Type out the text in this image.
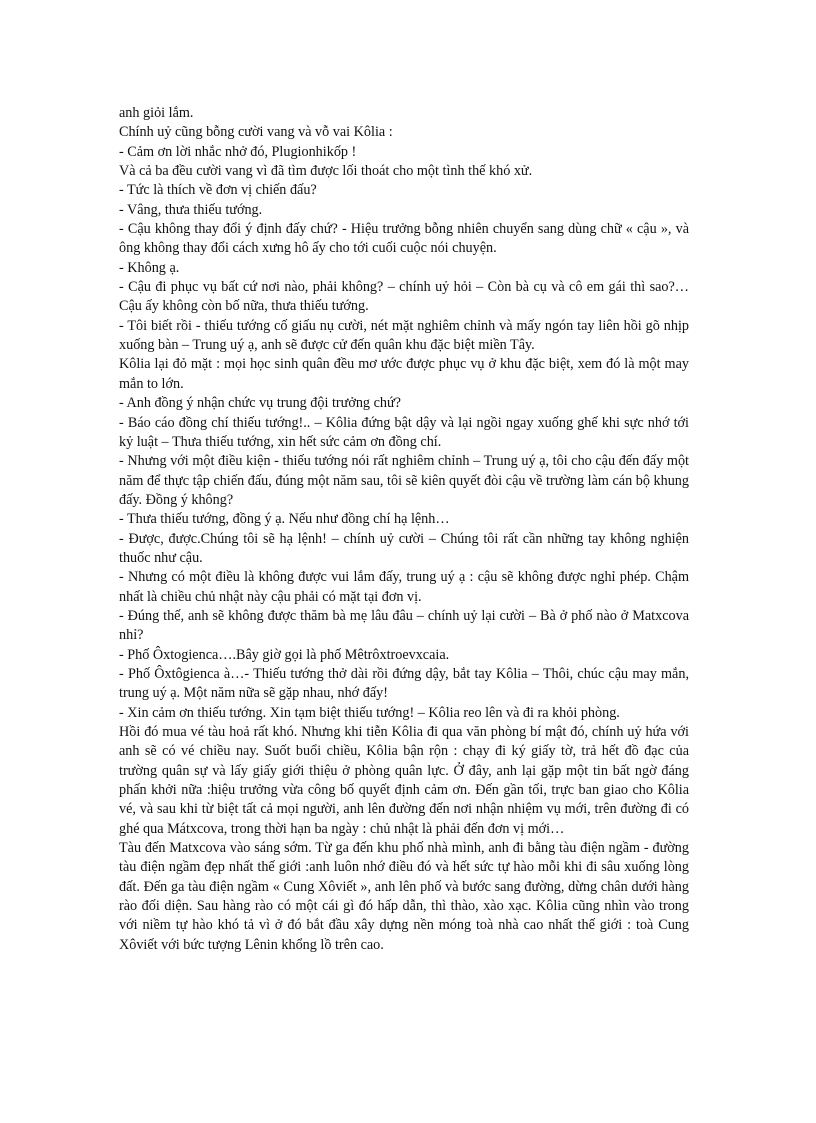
anh giỏi lắm.

Chính uỷ cũng bỗng cười vang và vỗ vai Kôlia :

- Cảm ơn lời nhắc nhở đó, Plugionhikốp !

Và cả ba đều cười vang vì đã tìm được lối thoát cho một tình thế khó xử.

- Tức là thích về đơn vị chiến đấu?

- Vâng, thưa thiếu tướng.

- Cậu không thay đổi ý định đấy chứ? - Hiệu trưởng bỗng nhiên chuyển sang dùng chữ « cậu », và ông không thay đổi cách xưng hô ấy cho tới cuối cuộc nói chuyện.

- Không ạ.

- Cậu đi phục vụ bất cứ nơi nào, phải không? – chính uỷ hỏi – Còn bà cụ và cô em gái thì sao?…Cậu ấy không còn bố nữa, thưa thiếu tướng.

- Tôi biết rồi - thiếu tướng cố giấu nụ cười, nét mặt nghiêm chỉnh và mấy ngón tay liên hồi gõ nhịp xuống bàn – Trung uý ạ, anh sẽ được cử đến quân khu đặc biệt miền Tây.

Kôlia lại đỏ mặt : mọi học sinh quân đều mơ ước được phục vụ ở khu đặc biệt, xem đó là một may mắn to lớn.

- Anh đồng ý nhận chức vụ trung đội trưởng chứ?

- Báo cáo đồng chí thiếu tướng!.. – Kôlia đứng bật dậy và lại ngồi ngay xuống ghế khi sực nhớ tới kỷ luật – Thưa thiếu tướng, xin hết sức cảm ơn đồng chí.

- Nhưng với một điều kiện - thiếu tướng nói rất nghiêm chỉnh – Trung uý ạ, tôi cho cậu đến đấy một năm để thực tập chiến đấu, đúng một năm sau, tôi sẽ kiên quyết đòi cậu về trường làm cán bộ khung đấy. Đồng ý không?

- Thưa thiếu tướng, đồng ý ạ. Nếu như đồng chí hạ lệnh…

- Được, được.Chúng tôi sẽ hạ lệnh! – chính uỷ cười – Chúng tôi rất cần những tay không nghiện thuốc như cậu.

- Nhưng có một điều là không được vui lắm đấy, trung uý ạ : cậu sẽ không được nghỉ phép. Chậm nhất là chiều chủ nhật này cậu phải có mặt tại đơn vị.

- Đúng thế, anh sẽ không được thăm bà mẹ lâu đâu – chính uỷ lại cười – Bà ở phố nào ở Matxcova nhỉ?

- Phố Ôxtogienca….Bây giờ gọi là phố Mêtrôxtroevxcaia.

- Phố Ôxtôgienca à…- Thiếu tướng thở dài rồi đứng dậy, bắt tay Kôlia – Thôi, chúc cậu may mắn, trung uý ạ. Một năm nữa sẽ gặp nhau, nhớ đấy!

- Xin cảm ơn thiếu tướng. Xin tạm biệt thiếu tướng! – Kôlia reo lên và đi ra khỏi phòng.

Hồi đó mua vé tàu hoả rất khó. Nhưng khi tiễn Kôlia đi qua văn phòng bí mật đó, chính uỷ hứa với anh sẽ có vé chiều nay. Suốt buổi chiều, Kôlia bận rộn : chạy đi ký giấy tờ, trả hết đồ đạc của trường quân sự và lấy giấy giới thiệu ở phòng quân lực. Ở đây, anh lại gặp một tin bất ngờ đáng phấn khởi nữa :hiệu trưởng vừa công bố quyết định cảm ơn. Đến gần tối, trực ban giao cho Kôlia vé, và sau khi từ biệt tất cả mọi người, anh lên đường đến nơi nhận nhiệm vụ mới, trên đường đi có ghé qua Mátxcova, trong thời hạn ba ngày : chủ nhật là phải đến đơn vị mới…

Tàu đến Matxcova vào sáng sớm. Từ ga đến khu phố nhà mình, anh đi bằng tàu điện ngầm - đường tàu điện ngầm đẹp nhất thế giới :anh luôn nhớ điều đó và hết sức tự hào mỗi khi đi sâu xuống lòng đất. Đến ga tàu điện ngầm « Cung Xôviết », anh lên phố và bước sang đường, dừng chân dưới hàng rào đối diện. Sau hàng rào có một cái gì đó hấp dẫn, thì thào, xào xạc. Kôlia cũng nhìn vào trong với niềm tự hào khó tả vì ở đó bắt đầu xây dựng nền móng toà nhà cao nhất thế giới : toà Cung Xôviết với bức tượng Lênin khổng lồ trên cao.
